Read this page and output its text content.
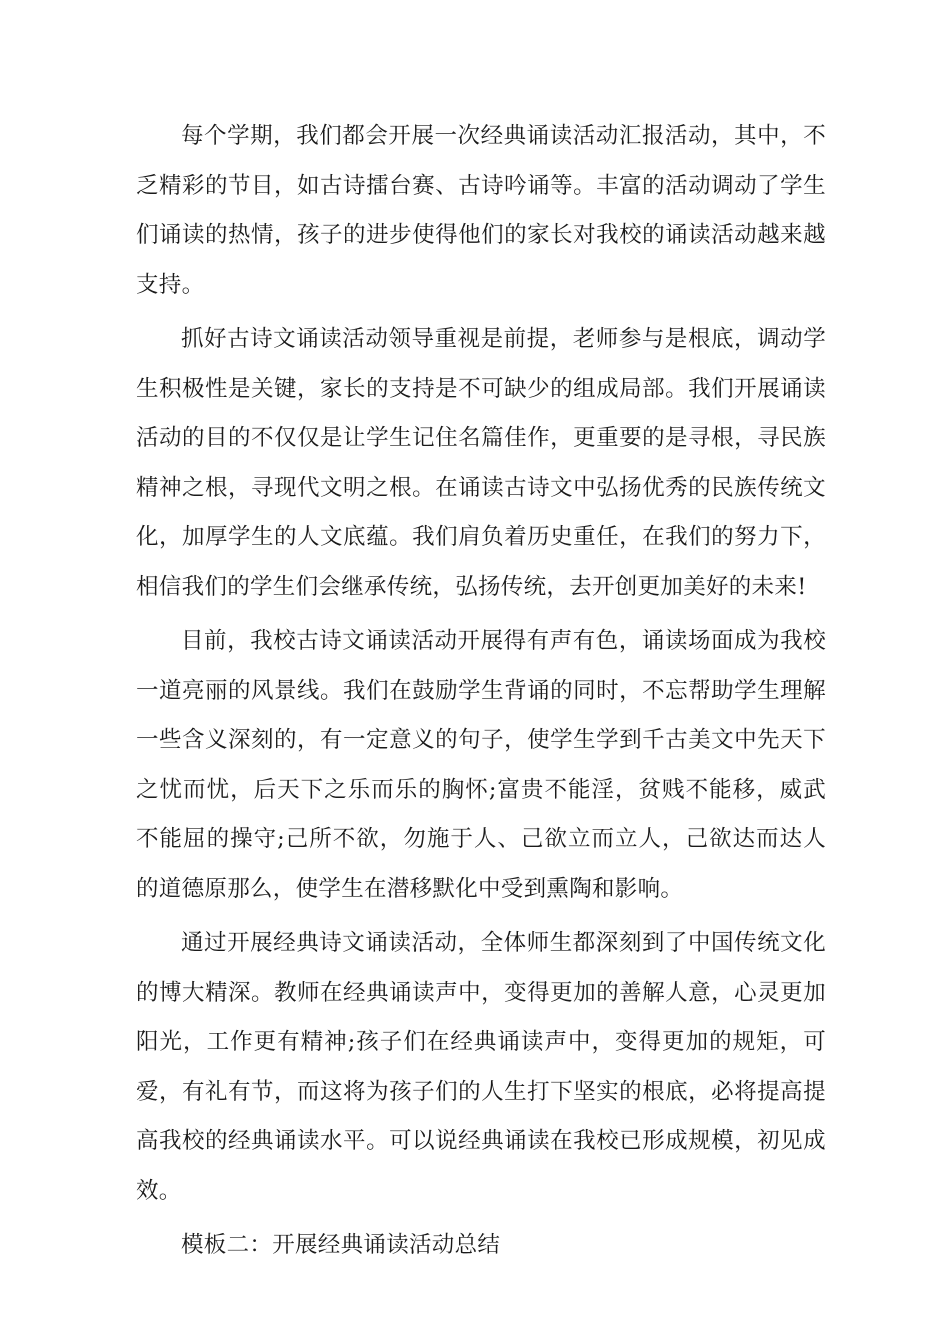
每个学期，我们都会开展一次经典诵读活动汇报活动，其中，不乏精彩的节目，如古诗擂台赛、古诗吟诵等。丰富的活动调动了学生们诵读的热情，孩子的进步使得他们的家长对我校的诵读活动越来越支持。

抓好古诗文诵读活动领导重视是前提，老师参与是根底，调动学生积极性是关键，家长的支持是不可缺少的组成局部。我们开展诵读活动的目的不仅仅是让学生记住名篇佳作，更重要的是寻根，寻民族精神之根，寻现代文明之根。在诵读古诗文中弘扬优秀的民族传统文化，加厚学生的人文底蕴。我们肩负着历史重任，在我们的努力下，相信我们的学生们会继承传统，弘扬传统，去开创更加美好的未来!

目前，我校古诗文诵读活动开展得有声有色，诵读场面成为我校一道亮丽的风景线。我们在鼓励学生背诵的同时，不忘帮助学生理解一些含义深刻的，有一定意义的句子，使学生学到千古美文中先天下之忧而忧，后天下之乐而乐的胸怀;富贵不能淫，贫贱不能移，威武不能屈的操守;己所不欲，勿施于人、己欲立而立人，己欲达而达人的道德原那么，使学生在潜移默化中受到熏陶和影响。

通过开展经典诗文诵读活动，全体师生都深刻到了中国传统文化的博大精深。教师在经典诵读声中，变得更加的善解人意，心灵更加阳光，工作更有精神;孩子们在经典诵读声中，变得更加的规矩，可爱，有礼有节，而这将为孩子们的人生打下坚实的根底，必将提高提高我校的经典诵读水平。可以说经典诵读在我校已形成规模，初见成效。

模板二：开展经典诵读活动总结
